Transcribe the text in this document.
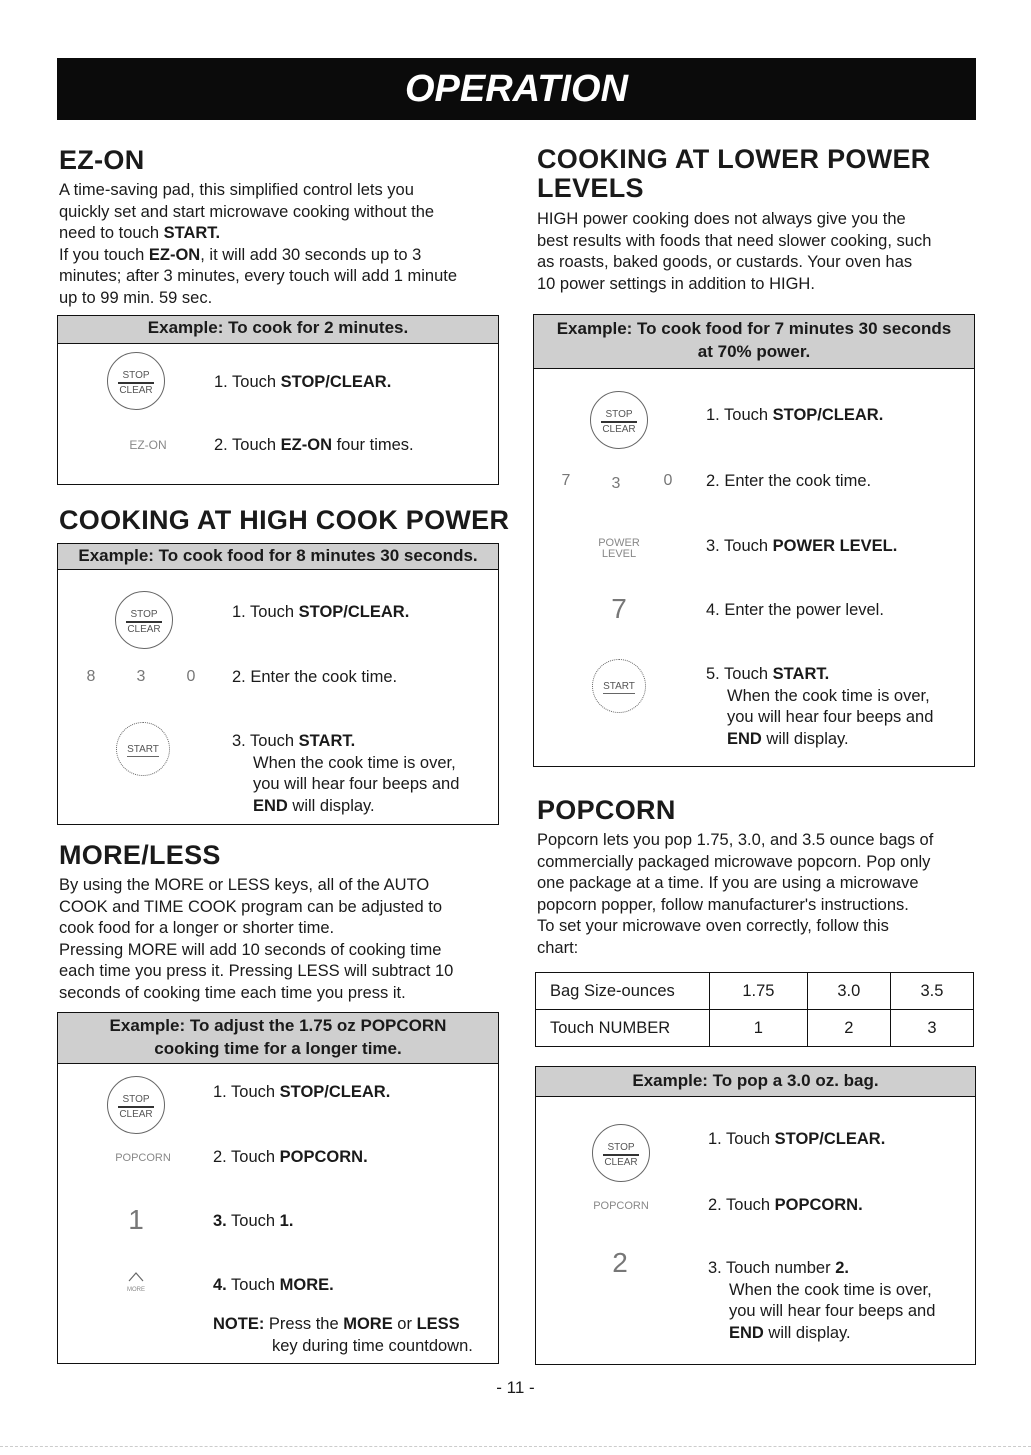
OPERATION
EZ-ON

A time-saving pad, this simplified control lets you

quickly set and start microwave cooking without the

need to touch START.

If you touch EZ-ON, it will add 30 seconds up to 3

minutes; after 3 minutes, every touch will add 1 minute

up to 99 min. 59 sec.

Example: To cook for 2 minutes.
STOP
CLEAR	1. Touch STOP/CLEAR.
EZ-ON	2. Touch EZ-ON four times.
COOKING AT HIGH COOK POWER
Example: To cook food for 8 minutes 30 seconds.
STOP
CLEAR
1. Touch STOP/CLEAR.
8	3	0	2. Enter the cook time.
START	3. Touch START.
When the cook time is over,
you will hear four beeps and
END will display.
MORE/LESS

By using the MORE or LESS keys, all of the AUTO

COOK and TIME COOK program can be adjusted to

cook food for a longer or shorter time.

Pressing MORE will add 10 seconds of cooking time

each time you press it. Pressing LESS will subtract 10

seconds of cooking time each time you press it.

Example: To adjust the 1.75 oz POPCORN
cooking time for a longer time.
STOP
CLEAR
1. Touch STOP/CLEAR.
POPCORN	2. Touch POPCORN.
1	3. Touch 1.
MORE	4. Touch MORE.
NOTE: Press the MORE or LESS
key during time countdown.
COOKING AT LOWER POWER
LEVELS

HIGH power cooking does not always give you the

best results with foods that need slower cooking, such

as roasts, baked goods, or custards. Your oven has

10 power settings in addition to HIGH.

Example: To cook food for 7 minutes 30 seconds
at 70% power.
STOP
CLEAR
1. Touch STOP/CLEAR.
7	3	0	2. Enter the cook time.
POWER
LEVEL	3. Touch POWER LEVEL.
7	4. Enter the power level.
START
5. Touch START.
When the cook time is over,
you will hear four beeps and
END will display.
POPCORN

Popcorn lets you pop 1.75, 3.0, and 3.5 ounce bags of

commercially packaged microwave popcorn. Pop only

one package at a time. If you are using a microwave

popcorn popper, follow manufacturer's instructions.

To set your microwave oven correctly, follow this

chart:

Bag Size-ounces	1.75	3.0	3.5
Touch NUMBER	1	2	3
Example: To pop a 3.0 oz. bag.
STOP
CLEAR
1. Touch STOP/CLEAR.
POPCORN	2. Touch POPCORN.
2	3. Touch number 2.
When the cook time is over,
you will hear four beeps and
END will display.
- 11 -
